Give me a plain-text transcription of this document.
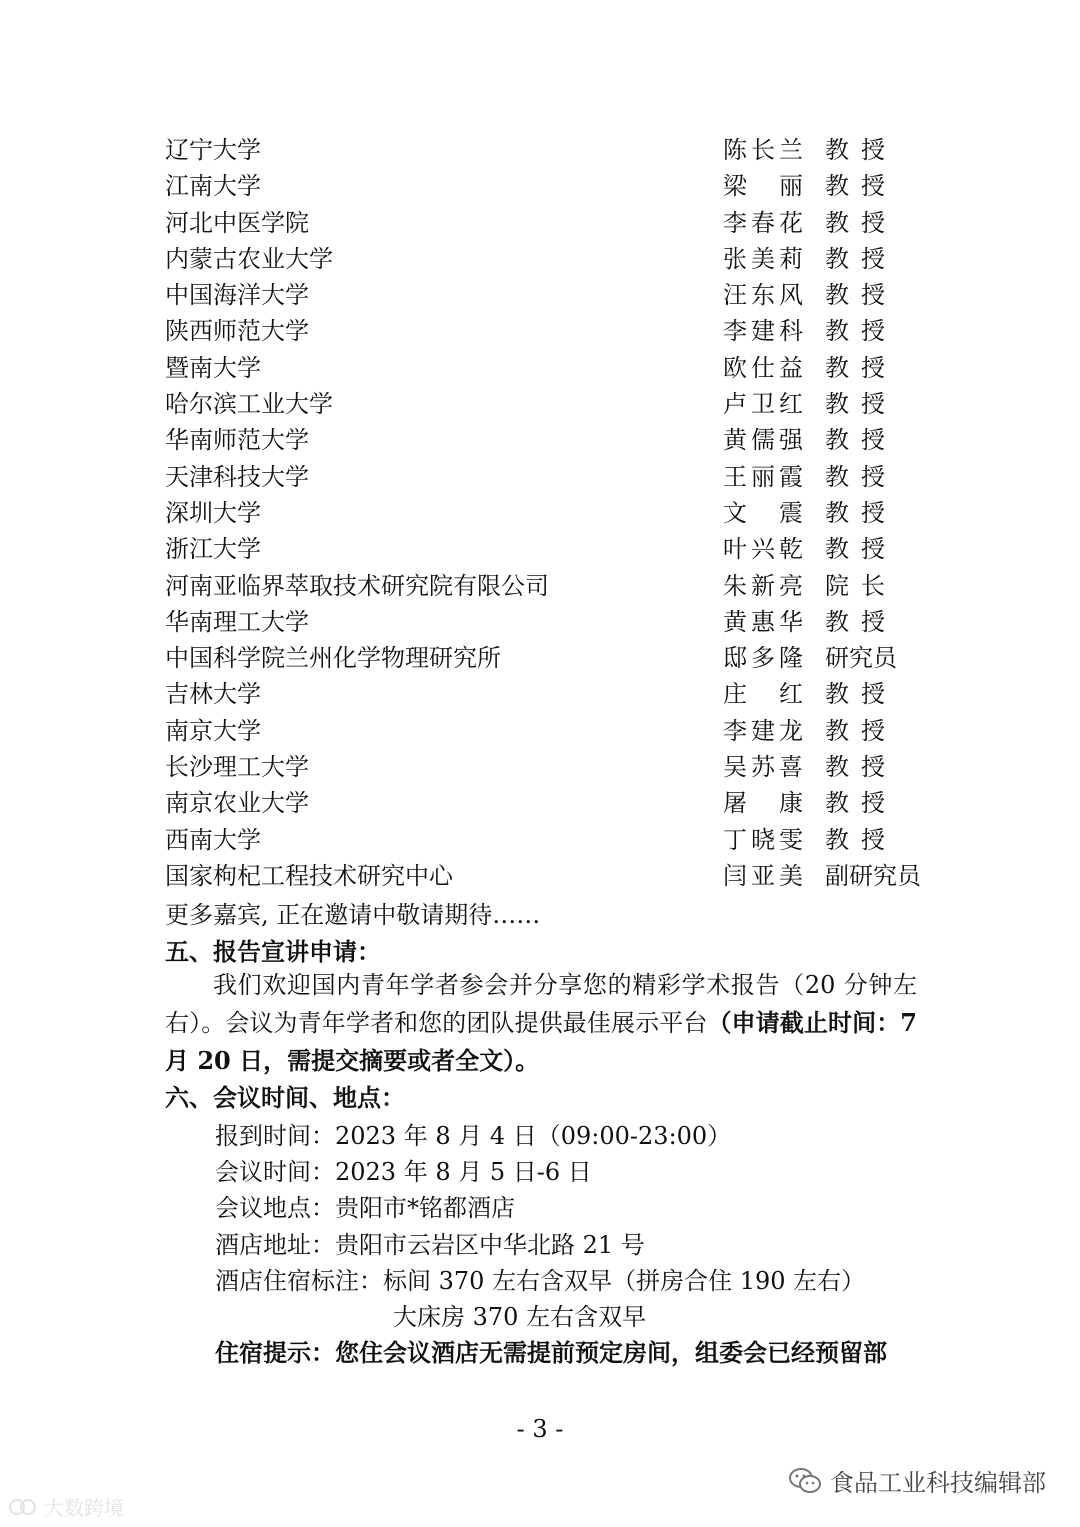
辽宁大学	陈长兰 教授
江南大学	梁丽 教授
河北中医学院	李春花 教授
内蒙古农业大学	张美莉 教授
中国海洋大学	汪东风 教授
陕西师范大学	李建科 教授
暨南大学	欧仕益 教授
哈尔滨工业大学	卢卫红 教授
华南师范大学	黄儒强 教授
天津科技大学	王丽霞 教授
深圳大学	文震 教授
浙江大学	叶兴乾 教授
河南亚临界萃取技术研究院有限公司	朱新亮 院长
华南理工大学	黄惠华 教授
中国科学院兰州化学物理研究所	邸多隆 研究员
吉林大学	庄红 教授
南京大学	李建龙 教授
长沙理工大学	吴苏喜 教授
南京农业大学	屠康 教授
西南大学	丁晓雯 教授
国家枸杞工程技术研究中心	闫亚美 副研究员
更多嘉宾, 正在邀请中敬请期待……
五、报告宣讲申请：
我们欢迎国内青年学者参会并分享您的精彩学术报告（20 分钟左右）。会议为青年学者和您的团队提供最佳展示平台（申请截止时间：7 月 20 日，需提交摘要或者全文）。
六、会议时间、地点：
报到时间：2023 年 8 月 4 日（09:00-23:00）
会议时间：2023 年 8 月 5 日-6 日
会议地点：贵阳市*铭都酒店
酒店地址：贵阳市云岩区中华北路 21 号
酒店住宿标注：标间 370 左右含双早（拼房合住 190 左右）
大床房 370 左右含双早
住宿提示：您住会议酒店无需提前预定房间，组委会已经预留部
- 3 -
食品工业科技编辑部
大数跨境
